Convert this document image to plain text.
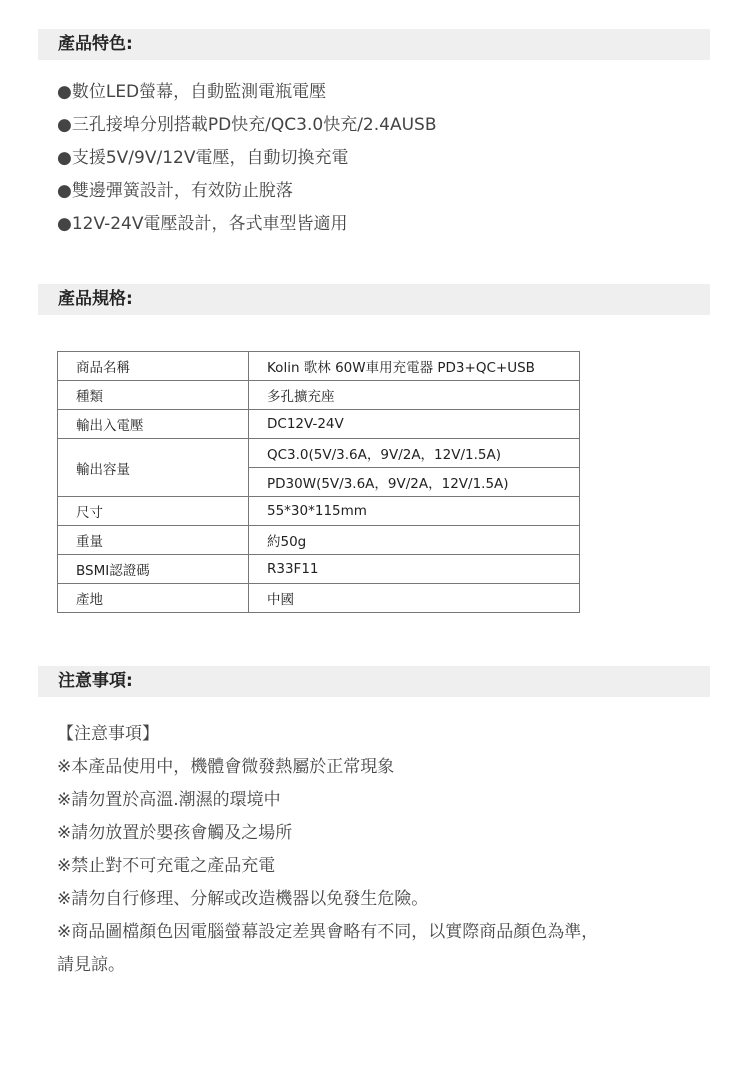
產品特色:
●數位LED螢幕，自動監測電瓶電壓
●三孔接埠分別搭載PD快充/QC3.0快充/2.4AUSB
●支援5V/9V/12V電壓，自動切換充電
●雙邊彈簧設計，有效防止脫落
●12V-24V電壓設計，各式車型皆適用
產品規格:
商品名稱	Kolin 歌林 60W車用充電器 PD3+QC+USB
種類	多孔擴充座
輸出入電壓	DC12V-24V
輸出容量	QC3.0(5V/3.6A，9V/2A，12V/1.5A)
	PD30W(5V/3.6A，9V/2A，12V/1.5A)
尺寸	55*30*115mm
重量	約50g
BSMI認證碼	R33F11
產地	中國
注意事項:
【注意事項】
※本產品使用中，機體會微發熱屬於正常現象
※請勿置於高溫.潮濕的環境中
※請勿放置於嬰孩會觸及之場所
※禁止對不可充電之產品充電
※請勿自行修理、分解或改造機器以免發生危險。
※商品圖檔顏色因電腦螢幕設定差異會略有不同，以實際商品顏色為準，
請見諒。
